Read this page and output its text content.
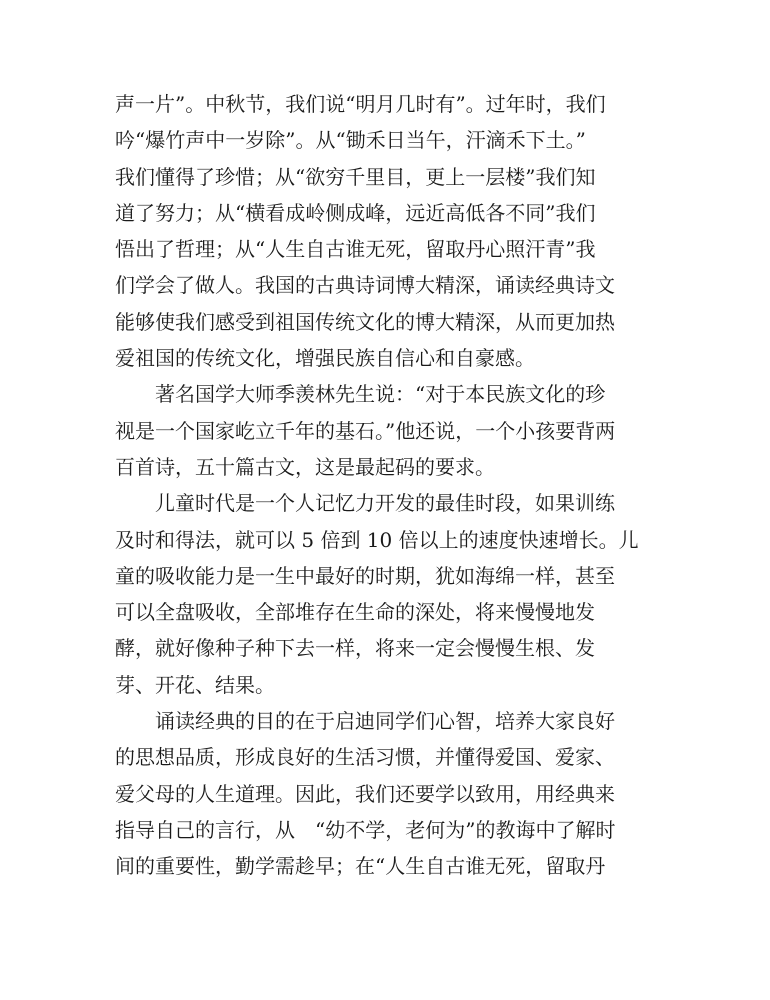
声一片”。中秋节，我们说“明月几时有”。过年时，我们
吟“爆竹声中一岁除”。从“锄禾日当午，汗滴禾下土。”
我们懂得了珍惜；从“欲穷千里目，更上一层楼”我们知
道了努力；从“横看成岭侧成峰，远近高低各不同”我们
悟出了哲理；从“人生自古谁无死，留取丹心照汗青”我
们学会了做人。我国的古典诗词博大精深，诵读经典诗文
能够使我们感受到祖国传统文化的博大精深，从而更加热
爱祖国的传统文化，增强民族自信心和自豪感。
　　著名国学大师季羡林先生说：“对于本民族文化的珍
视是一个国家屹立千年的基石。”他还说，一个小孩要背两
百首诗，五十篇古文，这是最起码的要求。
　　儿童时代是一个人记忆力开发的最佳时段，如果训练
及时和得法，就可以 5 倍到 10 倍以上的速度快速增长。儿
童的吸收能力是一生中最好的时期，犹如海绵一样，甚至
可以全盘吸收，全部堆存在生命的深处，将来慢慢地发
酵，就好像种子种下去一样，将来一定会慢慢生根、发
芽、开花、结果。
　　诵读经典的目的在于启迪同学们心智，培养大家良好
的思想品质，形成良好的生活习惯，并懂得爱国、爱家、
爱父母的人生道理。因此，我们还要学以致用，用经典来
指导自己的言行，从　“幼不学，老何为”的教诲中了解时
间的重要性，勤学需趁早；在“人生自古谁无死，留取丹
